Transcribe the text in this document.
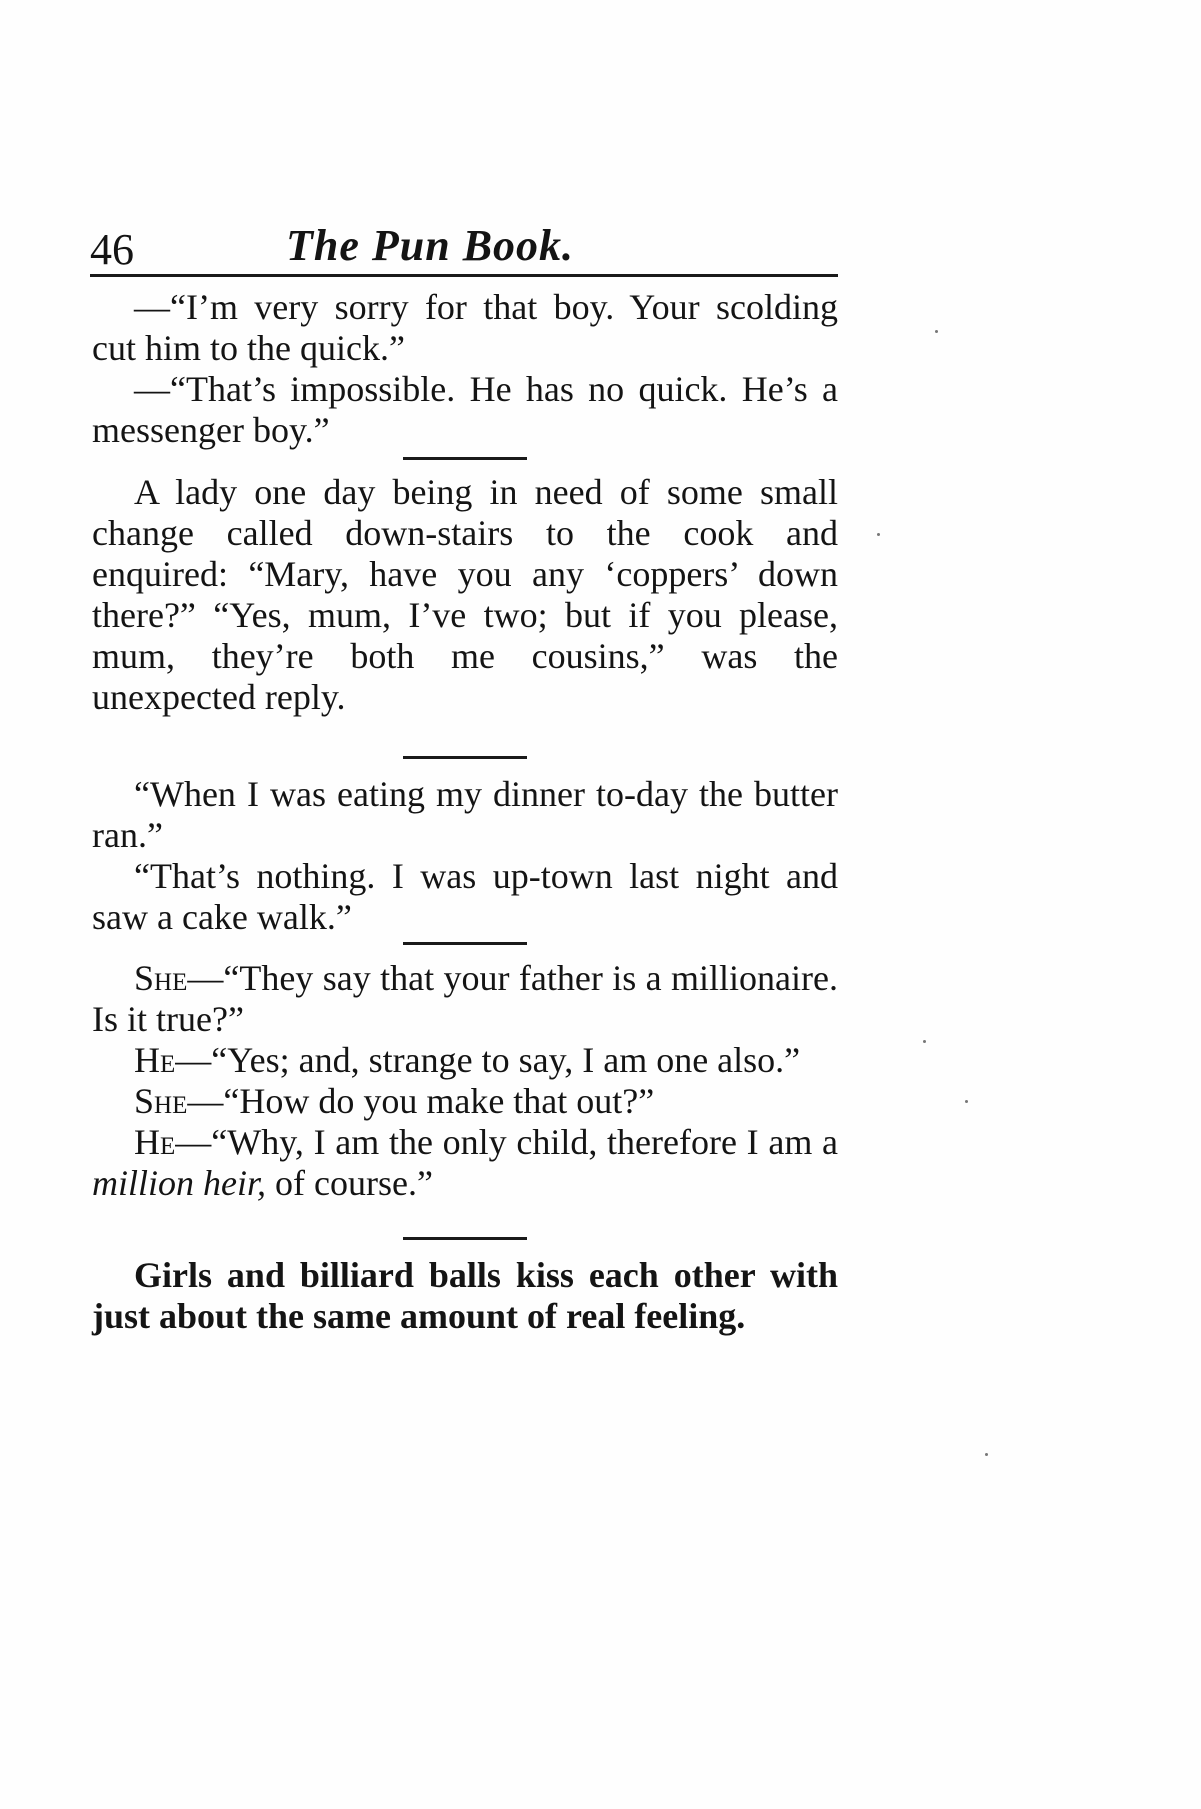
46	The Pun Book.

—“I’m very sorry for that boy. Your scolding cut him to the quick.”

—“That’s impossible. He has no quick. He’s a messenger boy.”

A lady one day being in need of some small change called down-stairs to the cook and enquired: “Mary, have you any ‘coppers’ down there?” “Yes, mum, I’ve two; but if you please, mum, they’re both me cousins,” was the unexpected reply.

“When I was eating my dinner to-day the butter ran.”

“That’s nothing. I was up-town last night and saw a cake walk.”

She—“They say that your father is a millionaire. Is it true?”

He—“Yes; and, strange to say, I am one also.”

She—“How do you make that out?”

He—“Why, I am the only child, therefore I am a million heir, of course.”

Girls and billiard balls kiss each other with just about the same amount of real feeling.
